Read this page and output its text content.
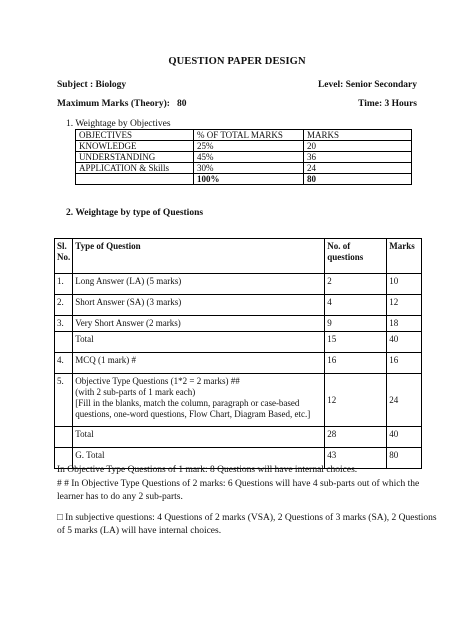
QUESTION PAPER DESIGN
Subject : Biology	Level: Senior Secondary
Maximum Marks (Theory):   80	Time: 3 Hours
1. Weightage by Objectives
OBJECTIVES	% OF TOTAL MARKS	MARKS
KNOWLEDGE	25%	20
UNDERSTANDING	45%	36
APPLICATION & Skills	30%	24
	100%	80
2. Weightage by type of Questions
Sl. No.	Type of Question	No. of questions	Marks
1.	Long Answer (LA) (5 marks)	2	10
2.	Short Answer (SA) (3 marks)	4	12
3.	Very Short Answer (2 marks)	9	18
	Total	15	40
4.	MCQ (1 mark) #	16	16
5.	Objective Type Questions (1*2 = 2 marks) ##
(with 2 sub-parts of 1 mark each)
[Fill in the blanks, match the column, paragraph or case-based questions, one-word questions, Flow Chart, Diagram Based, etc.]	12	24
	Total	28	40
	G. Total	43	80
In Objective Type Questions of 1 mark: 8 Questions will have internal choices.
# # In Objective Type Questions of 2 marks: 6 Questions will have 4 sub-parts out of which the learner has to do any 2 sub-parts.
□ In subjective questions: 4 Questions of 2 marks (VSA), 2 Questions of 3 marks (SA), 2 Questions of 5 marks (LA) will have internal choices.
